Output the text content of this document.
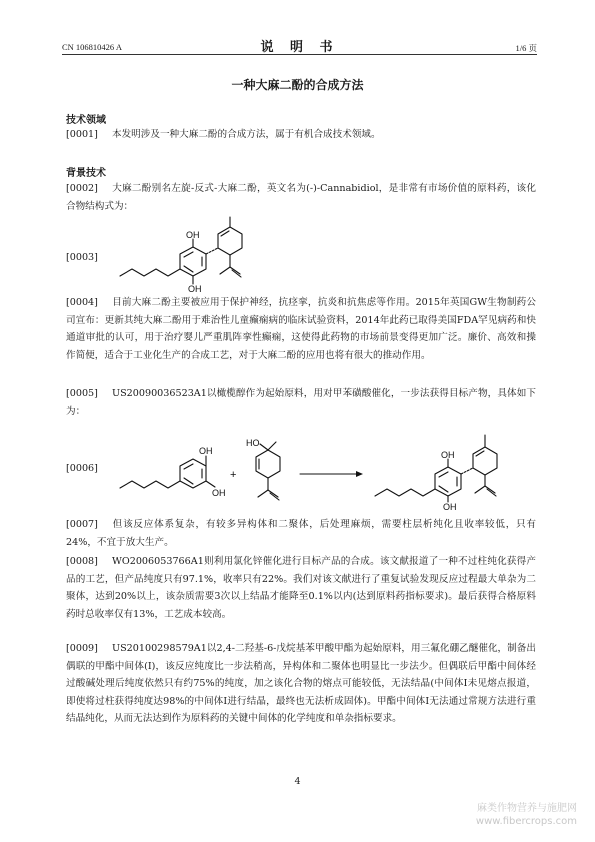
CN 106810426 A	说 明 书	1/6 页
一种大麻二酚的合成方法
技术领域
[0001] 本发明涉及一种大麻二酚的合成方法，属于有机合成技术领域。
背景技术
[0002] 大麻二酚别名左旋-反式-大麻二酚，英文名为(-)-Cannabidiol，是非常有市场价值的原料药，该化合物结构式为：
[0003]
OH
OH
[0004] 目前大麻二酚主要被应用于保护神经，抗痉挛，抗炎和抗焦虑等作用。2015年英国GW生物制药公司宣布：更新其纯大麻二酚用于难治性儿童癫痫病的临床试验资料，2014年此药已取得美国FDA罕见病药和快通道审批的认可，用于治疗婴儿严重肌阵挛性癫痫，这使得此药物的市场前景变得更加广泛。廉价、高效和操作简便，适合于工业化生产的合成工艺，对于大麻二酚的应用也将有很大的推动作用。
[0005] US20090036523A1以橄榄醇作为起始原料，用对甲苯磺酸催化，一步法获得目标产物，具体如下为：
[0006]
OH
OH
+
HO
OH
OH
[0007] 但该反应体系复杂，有较多异构体和二聚体，后处理麻烦，需要柱层析纯化且收率较低，只有24%，不宜于放大生产。
[0008] WO2006053766A1则利用氯化锌催化进行目标产品的合成。该文献报道了一种不过柱纯化获得产品的工艺，但产品纯度只有97.1%，收率只有22%。我们对该文献进行了重复试验发现反应过程最大单杂为二聚体，达到20%以上，该杂质需要3次以上结晶才能降至0.1%以内(达到原料药指标要求)。最后获得合格原料药时总收率仅有13%，工艺成本较高。
[0009] US20100298579A1以2,4-二羟基-6-戊烷基苯甲酸甲酯为起始原料，用三氟化硼乙醚催化，制备出偶联的甲酯中间体(I)，该反应纯度比一步法稍高，异构体和二聚体也明显比一步法少。但偶联后甲酯中间体经过酸碱处理后纯度依然只有约75%的纯度，加之该化合物的熔点可能较低，无法结晶(中间体I未见熔点报道，即使将过柱获得纯度达98%的中间体I进行结晶，最终也无法析成固体)。甲酯中间体I无法通过常规方法进行重结晶纯化，从而无法达到作为原料药的关键中间体的化学纯度和单杂指标要求。
4
麻类作物营养与施肥网
www.fibercrops.com
